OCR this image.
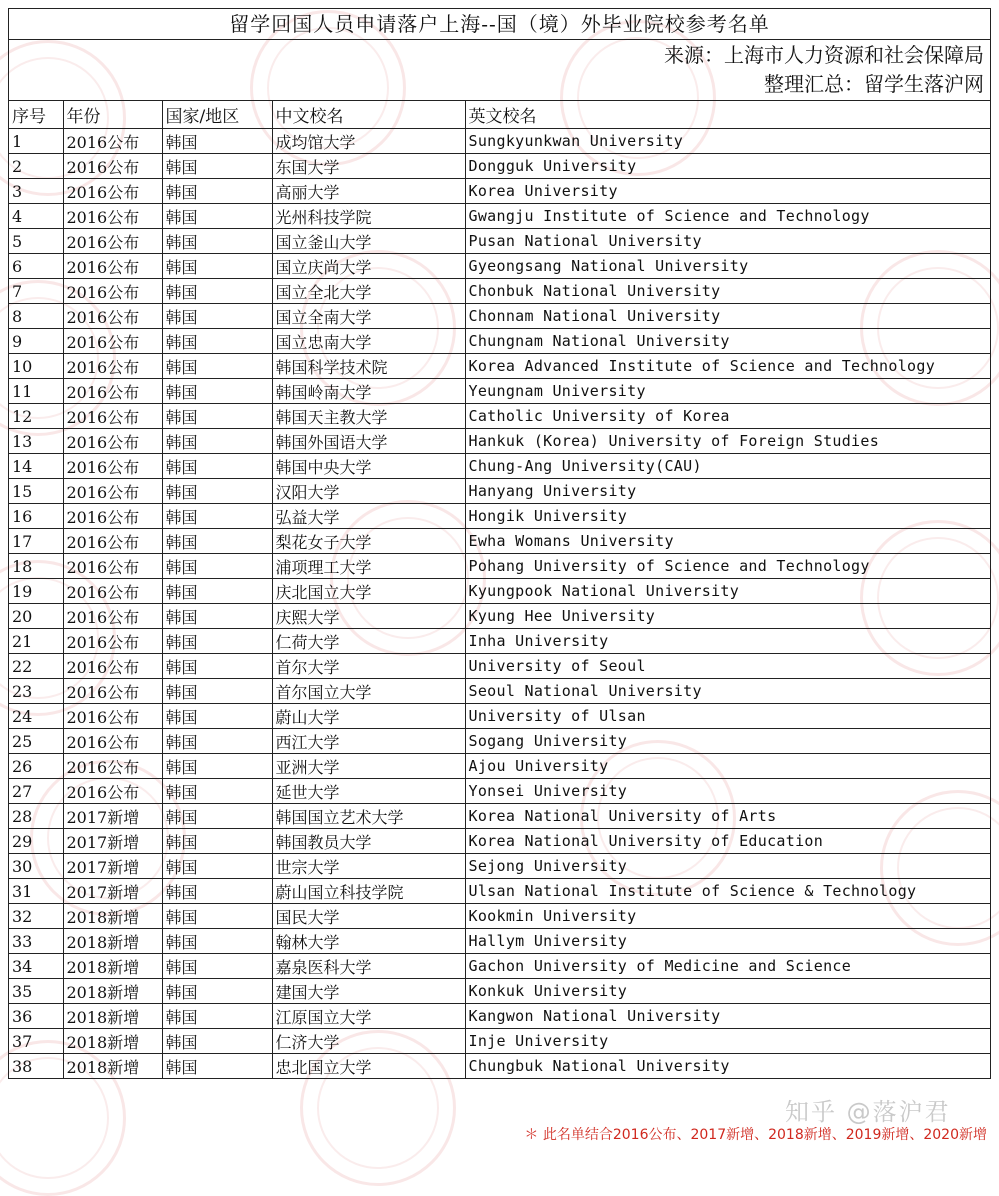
留学回国人员申请落户上海--国（境）外毕业院校参考名单
来源：上海市人力资源和社会保障局
整理汇总：留学生落沪网
序号	年份	国家/地区	中文校名	英文校名
1	2016公布	韩国	成均馆大学	Sungkyunkwan University
2	2016公布	韩国	东国大学	Dongguk University
3	2016公布	韩国	高丽大学	Korea University
4	2016公布	韩国	光州科技学院	Gwangju Institute of Science and Technology
5	2016公布	韩国	国立釜山大学	Pusan National University
6	2016公布	韩国	国立庆尚大学	Gyeongsang National University
7	2016公布	韩国	国立全北大学	Chonbuk National University
8	2016公布	韩国	国立全南大学	Chonnam National University
9	2016公布	韩国	国立忠南大学	Chungnam National University
10	2016公布	韩国	韩国科学技术院	Korea Advanced Institute of Science and Technology
11	2016公布	韩国	韩国岭南大学	Yeungnam University
12	2016公布	韩国	韩国天主教大学	Catholic University of Korea
13	2016公布	韩国	韩国外国语大学	Hankuk (Korea) University of Foreign Studies
14	2016公布	韩国	韩国中央大学	Chung-Ang University(CAU)
15	2016公布	韩国	汉阳大学	Hanyang University
16	2016公布	韩国	弘益大学	Hongik University
17	2016公布	韩国	梨花女子大学	Ewha Womans University
18	2016公布	韩国	浦项理工大学	Pohang University of Science and Technology
19	2016公布	韩国	庆北国立大学	Kyungpook National University
20	2016公布	韩国	庆熙大学	Kyung Hee University
21	2016公布	韩国	仁荷大学	Inha University
22	2016公布	韩国	首尔大学	University of Seoul
23	2016公布	韩国	首尔国立大学	Seoul National University
24	2016公布	韩国	蔚山大学	University of Ulsan
25	2016公布	韩国	西江大学	Sogang University
26	2016公布	韩国	亚洲大学	Ajou University
27	2016公布	韩国	延世大学	Yonsei University
28	2017新增	韩国	韩国国立艺术大学	Korea National University of Arts
29	2017新增	韩国	韩国教员大学	Korea National University of Education
30	2017新增	韩国	世宗大学	Sejong University
31	2017新增	韩国	蔚山国立科技学院	Ulsan National Institute of Science & Technology
32	2018新增	韩国	国民大学	Kookmin University
33	2018新增	韩国	翰林大学	Hallym University
34	2018新增	韩国	嘉泉医科大学	Gachon University of Medicine and Science
35	2018新增	韩国	建国大学	Konkuk University
36	2018新增	韩国	江原国立大学	Kangwon National University
37	2018新增	韩国	仁济大学	Inje University
38	2018新增	韩国	忠北国立大学	Chungbuk National University
知乎 @落沪君
＊ 此名单结合2016公布、2017新增、2018新增、2019新增、2020新增
